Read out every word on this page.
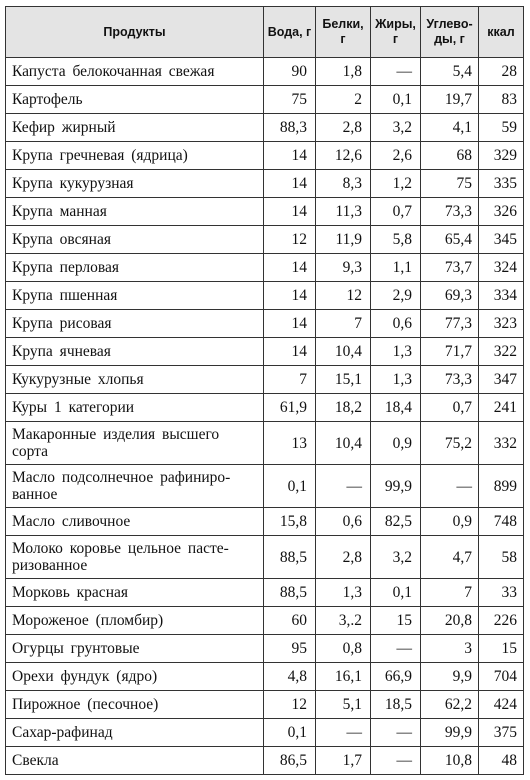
Продукты	Вода, г	Белки, г	Жиры, г	Углево-ды, г	ккал
Капуста белокочанная свежая	90	1,8	—	5,4	28
Картофель	75	2	0,1	19,7	83
Кефир жирный	88,3	2,8	3,2	4,1	59
Крупа гречневая (ядрица)	14	12,6	2,6	68	329
Крупа кукурузная	14	8,3	1,2	75	335
Крупа манная	14	11,3	0,7	73,3	326
Крупа овсяная	12	11,9	5,8	65,4	345
Крупа перловая	14	9,3	1,1	73,7	324
Крупа пшенная	14	12	2,9	69,3	334
Крупа рисовая	14	7	0,6	77,3	323
Крупа ячневая	14	10,4	1,3	71,7	322
Кукурузные хлопья	7	15,1	1,3	73,3	347
Куры 1 категории	61,9	18,2	18,4	0,7	241
Макаронные изделия высшего сорта	13	10,4	0,9	75,2	332
Масло подсолнечное рафиниро-ванное	0,1	—	99,9	—	899
Масло сливочное	15,8	0,6	82,5	0,9	748
Молоко коровье цельное пасте-ризованное	88,5	2,8	3,2	4,7	58
Морковь красная	88,5	1,3	0,1	7	33
Мороженое (пломбир)	60	3,.2	15	20,8	226
Огурцы грунтовые	95	0,8	—	3	15
Орехи фундук (ядро)	4,8	16,1	66,9	9,9	704
Пирожное (песочное)	12	5,1	18,5	62,2	424
Сахар-рафинад	0,1	—	—	99,9	375
Свекла	86,5	1,7	—	10,8	48
